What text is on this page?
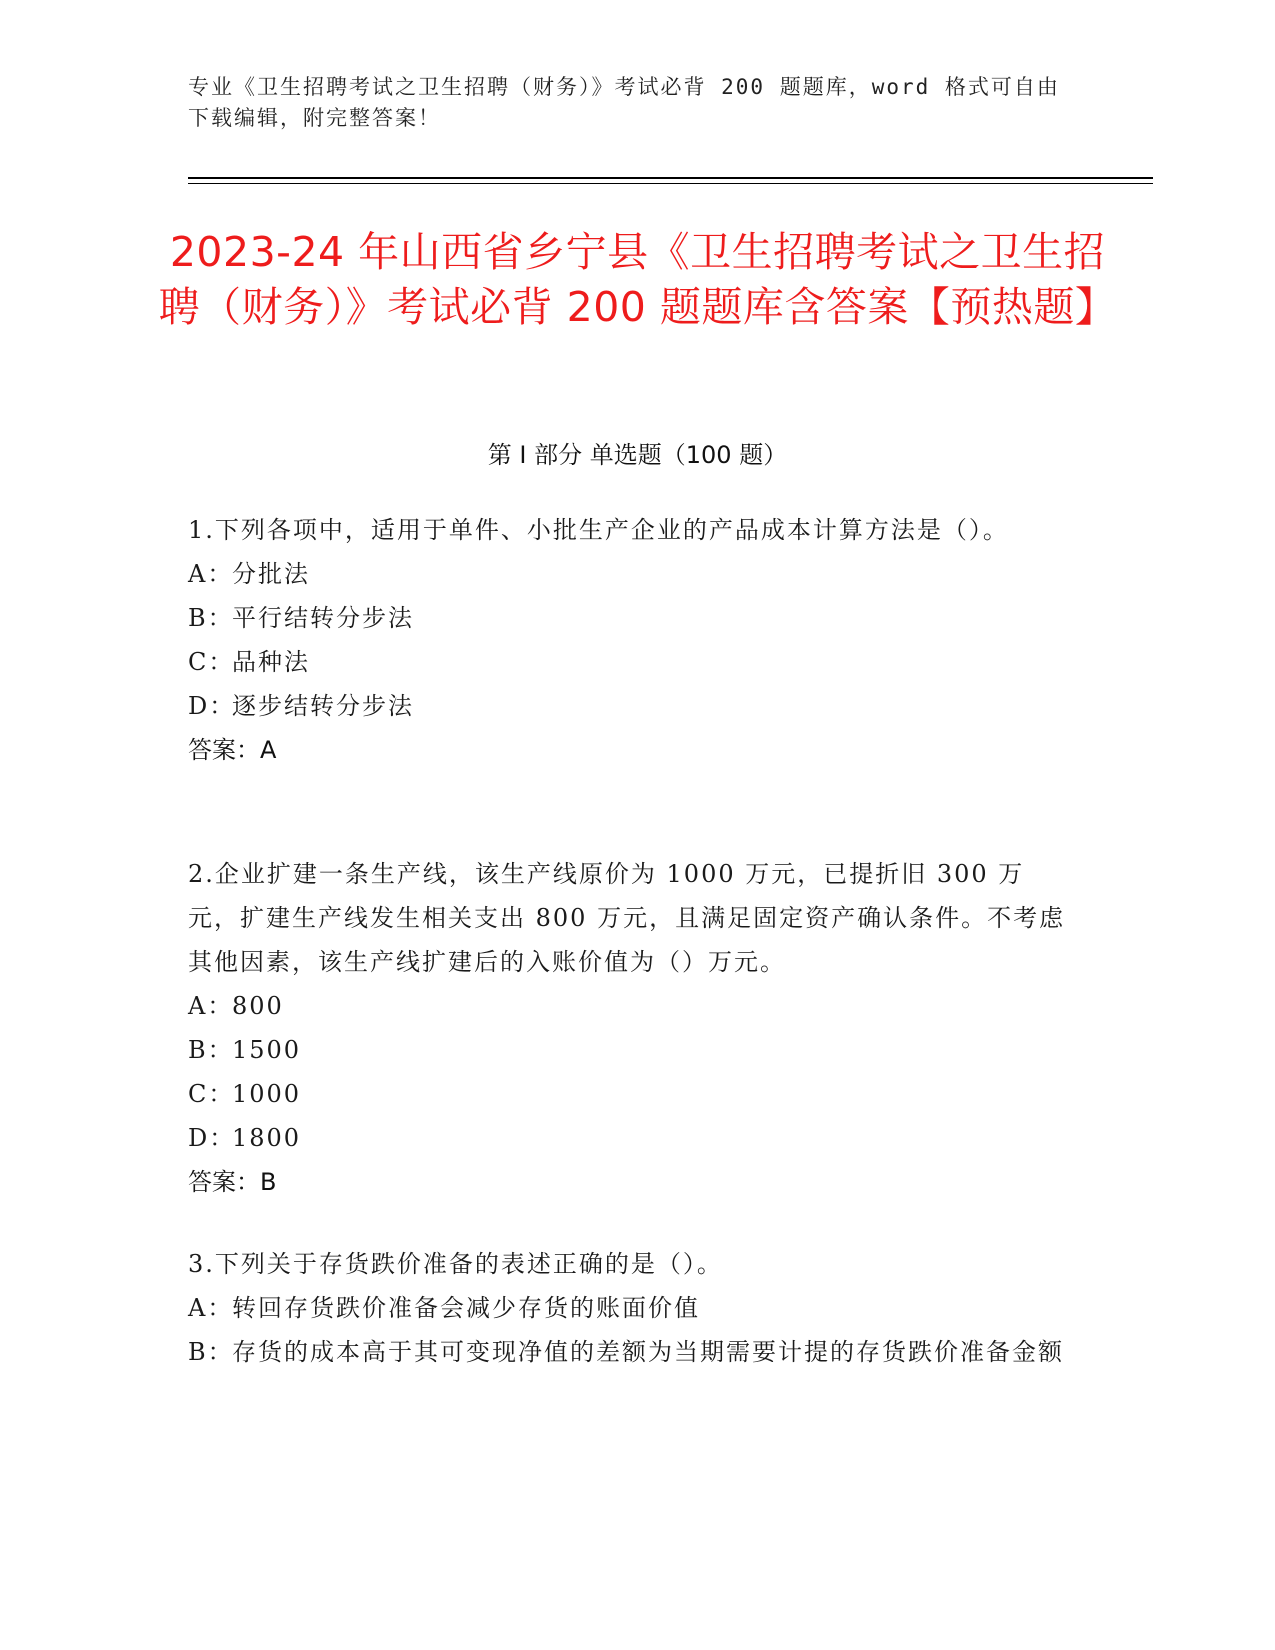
专业《卫生招聘考试之卫生招聘（财务）》考试必背 200 题题库，word 格式可自由下载编辑，附完整答案！
2023-24 年山西省乡宁县《卫生招聘考试之卫生招聘（财务）》考试必背 200 题题库含答案【预热题】
第 I 部分 单选题（100 题）
1.下列各项中，适用于单件、小批生产企业的产品成本计算方法是（）。
A：
分批法
B：
平行结转分步法
C：
品种法
D：
逐步结转分步法
答案：A
2.企业扩建一条生产线，该生产线原价为 1000 万元，已提折旧 300 万元，扩建生产线发生相关支出 800 万元，且满足固定资产确认条件。不考虑其他因素，该生产线扩建后的入账价值为（）万元。
A：
800
B：
1500
C：
1000
D：
1800
答案：B
3.下列关于存货跌价准备的表述正确的是（）。
A：
转回存货跌价准备会减少存货的账面价值
B：
存货的成本高于其可变现净值的差额为当期需要计提的存货跌价准备金额
